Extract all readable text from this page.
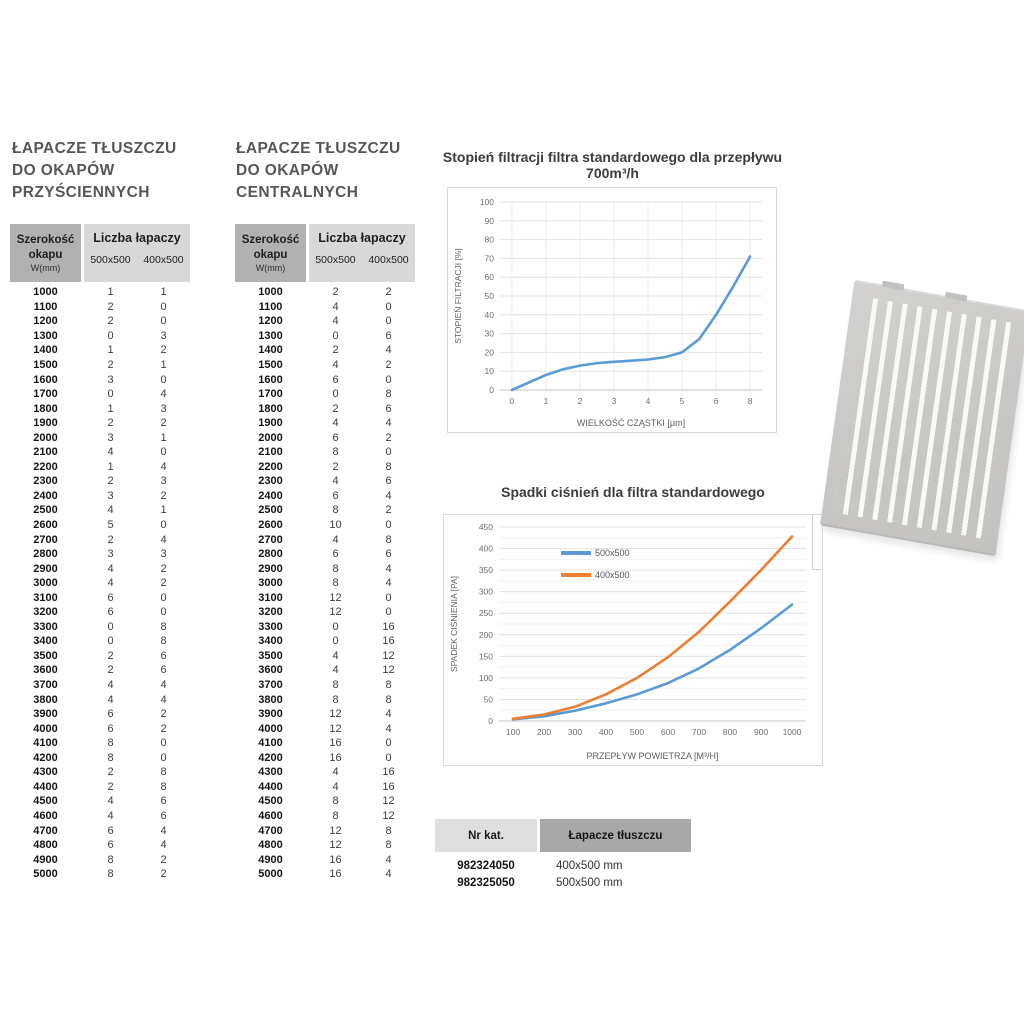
ŁAPACZE TŁUSZCZU
DO OKAPÓW
PRZYŚCIENNYCH
Szerokość
okapu
W(mm)
Liczba łapaczy
500x500	400x500
1000	1	1
1100	2	0
1200	2	0
1300	0	3
1400	1	2
1500	2	1
1600	3	0
1700	0	4
1800	1	3
1900	2	2
2000	3	1
2100	4	0
2200	1	4
2300	2	3
2400	3	2
2500	4	1
2600	5	0
2700	2	4
2800	3	3
2900	4	2
3000	4	2
3100	6	0
3200	6	0
3300	0	8
3400	0	8
3500	2	6
3600	2	6
3700	4	4
3800	4	4
3900	6	2
4000	6	2
4100	8	0
4200	8	0
4300	2	8
4400	2	8
4500	4	6
4600	4	6
4700	6	4
4800	6	4
4900	8	2
5000	8	2
ŁAPACZE TŁUSZCZU
DO OKAPÓW
CENTRALNYCH
Szerokość
okapu
W(mm)
Liczba łapaczy
500x500	400x500
1000	2	2
1100	4	0
1200	4	0
1300	0	6
1400	2	4
1500	4	2
1600	6	0
1700	0	8
1800	2	6
1900	4	4
2000	6	2
2100	8	0
2200	2	8
2300	4	6
2400	6	4
2500	8	2
2600	10	0
2700	4	8
2800	6	6
2900	8	4
3000	8	4
3100	12	0
3200	12	0
3300	0	16
3400	0	16
3500	4	12
3600	4	12
3700	8	8
3800	8	8
3900	12	4
4000	12	4
4100	16	0
4200	16	0
4300	4	16
4400	4	16
4500	8	12
4600	8	12
4700	12	8
4800	12	8
4900	16	4
5000	16	4
Stopień filtracji filtra standardowego dla przepływu 700m³/h
0
10
20
30
40
50
60
70
80
90
100
0	1	2	3	4	5	6	8
WIELKOŚĆ CZĄSTKI [μm]
STOPIEŃ FILTRACJI [%]
Spadki ciśnień dla filtra standardowego
0
50
100
150
200
250
300
350
400
450
100 200 300 400 500 600 700 800 900 1000
PRZEPŁYW POWIETRZA [M³/H]
SPADEK CIŚNIENIA [PA]
500x500
400x500
Nr kat.	Łapacze tłuszczu
982324050	400x500 mm
982325050	500x500 mm
